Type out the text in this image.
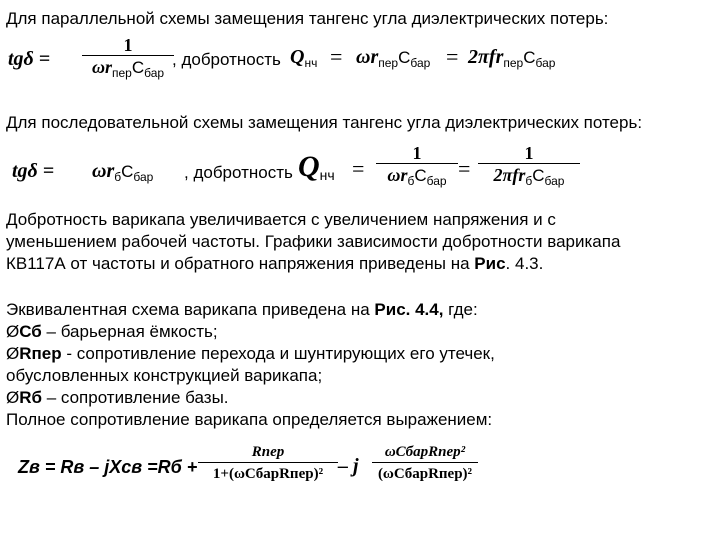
Для параллельной схемы замещения тангенс угла диэлектрических потерь:
tgδ =
1
$\omega r_{пер}C_{бар}$
, добротность $Q_{нч} = \omega r_{пер}C_{бар} = 2\pi fr_{пер}C_{бар}$
Для последовательной схемы замещения тангенс угла диэлектрических потерь:
$tg\delta = \omega r_бC_{бар}$ , добротность $Q_{нч}$ =
1
$\omega r_бC_{бар}$ =
1
$2\pi fr_бC_{бар}$
Добротность варикапа увеличивается с увеличением напряжения и с
уменьшением рабочей частоты. Графики зависимости добротности варикапа
КВ117А от частоты и обратного напряжения приведены на Рис. 4.3.
Эквивалентная схема варикапа приведена на Рис. 4.4, где:
ØСб – барьерная ёмкость;
ØRпер - сопротивление перехода и шунтирующих его утечек,
обусловленных конструкцией варикапа;
ØRб – сопротивление базы.
Полное сопротивление варикапа определяется выражением:
Zв = Rв – jXсв =Rб +
Rпер
1+(ωCбарRпер)² – j
ωCбарRпер²
(ωCбарRпер)²
